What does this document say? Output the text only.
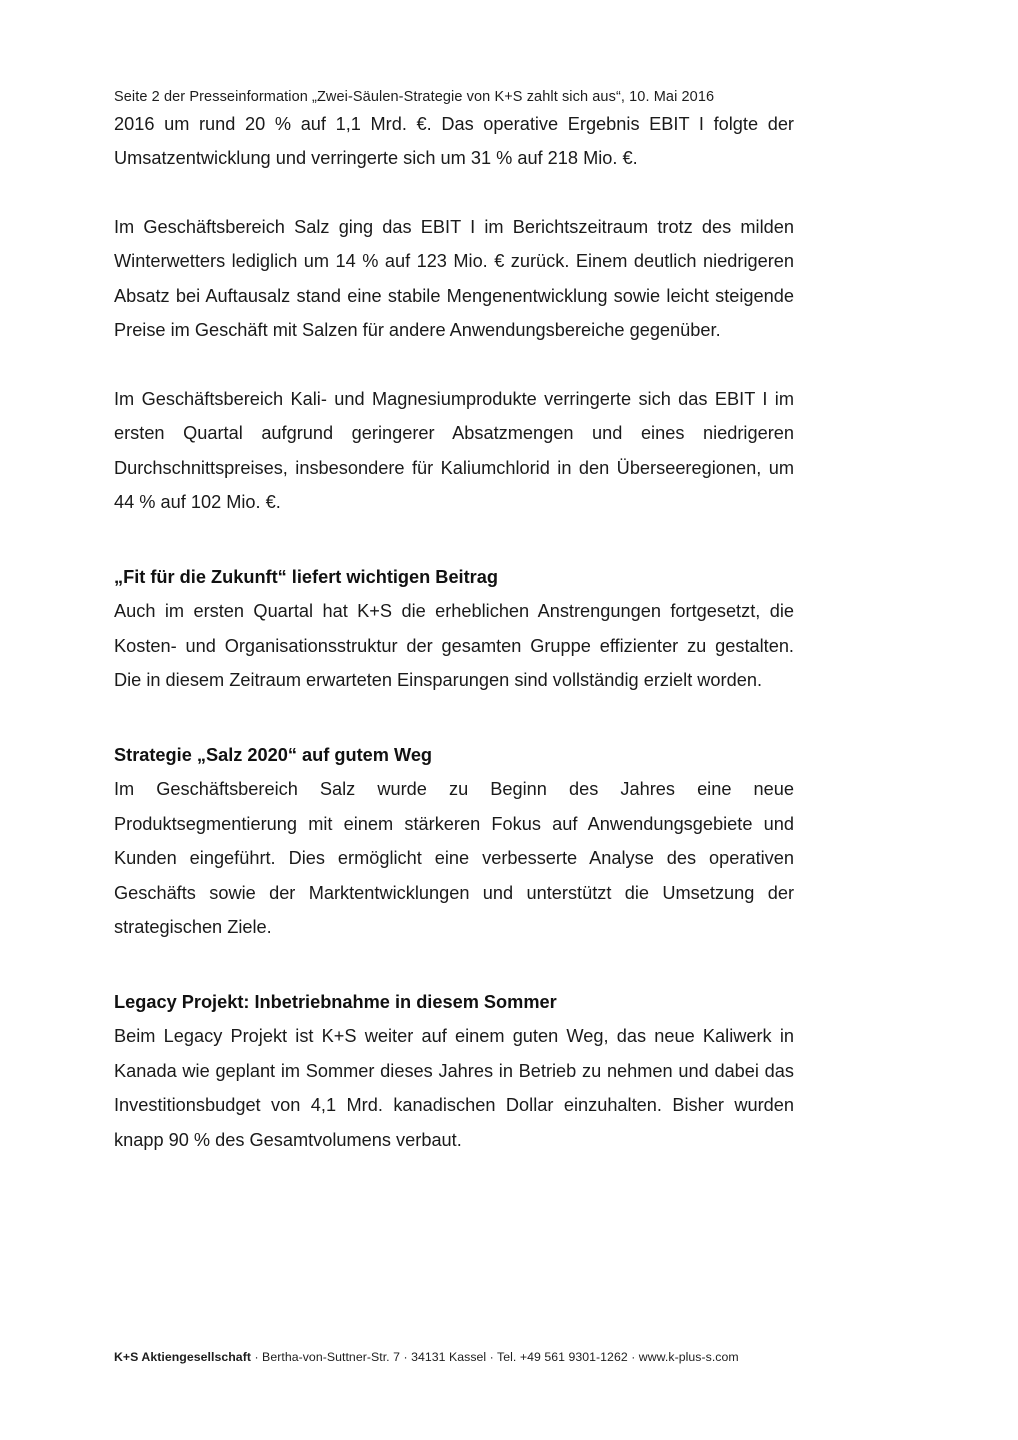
Seite 2 der Presseinformation „Zwei-Säulen-Strategie von K+S zahlt sich aus“, 10. Mai 2016

2016 um rund 20 % auf 1,1 Mrd. €. Das operative Ergebnis EBIT I folgte der Umsatzentwicklung und verringerte sich um 31 % auf 218 Mio. €.

Im Geschäftsbereich Salz ging das EBIT I im Berichtszeitraum trotz des milden Winterwetters lediglich um 14 % auf 123 Mio. € zurück. Einem deutlich niedrigeren Absatz bei Auftausalz stand eine stabile Mengenentwicklung sowie leicht steigende Preise im Geschäft mit Salzen für andere Anwendungsbereiche gegenüber.

Im Geschäftsbereich Kali- und Magnesiumprodukte verringerte sich das EBIT I im ersten Quartal aufgrund geringerer Absatzmengen und eines niedrigeren Durchschnittspreises, insbesondere für Kaliumchlorid in den Überseeregionen, um 44 % auf 102 Mio. €.

„Fit für die Zukunft“ liefert wichtigen Beitrag

Auch im ersten Quartal hat K+S die erheblichen Anstrengungen fortgesetzt, die Kosten- und Organisationsstruktur der gesamten Gruppe effizienter zu gestalten. Die in diesem Zeitraum erwarteten Einsparungen sind vollständig erzielt worden.

Strategie „Salz 2020“ auf gutem Weg

Im Geschäftsbereich Salz wurde zu Beginn des Jahres eine neue Produktsegmentierung mit einem stärkeren Fokus auf Anwendungsgebiete und Kunden eingeführt. Dies ermöglicht eine verbesserte Analyse des operativen Geschäfts sowie der Marktentwicklungen und unterstützt die Umsetzung der strategischen Ziele.

Legacy Projekt: Inbetriebnahme in diesem Sommer

Beim Legacy Projekt ist K+S weiter auf einem guten Weg, das neue Kaliwerk in Kanada wie geplant im Sommer dieses Jahres in Betrieb zu nehmen und dabei das Investitionsbudget von 4,1 Mrd. kanadischen Dollar einzuhalten. Bisher wurden knapp 90 % des Gesamtvolumens verbaut.

K+S Aktiengesellschaft · Bertha-von-Suttner-Str. 7 · 34131 Kassel · Tel. +49 561 9301-1262 · www.k-plus-s.com
